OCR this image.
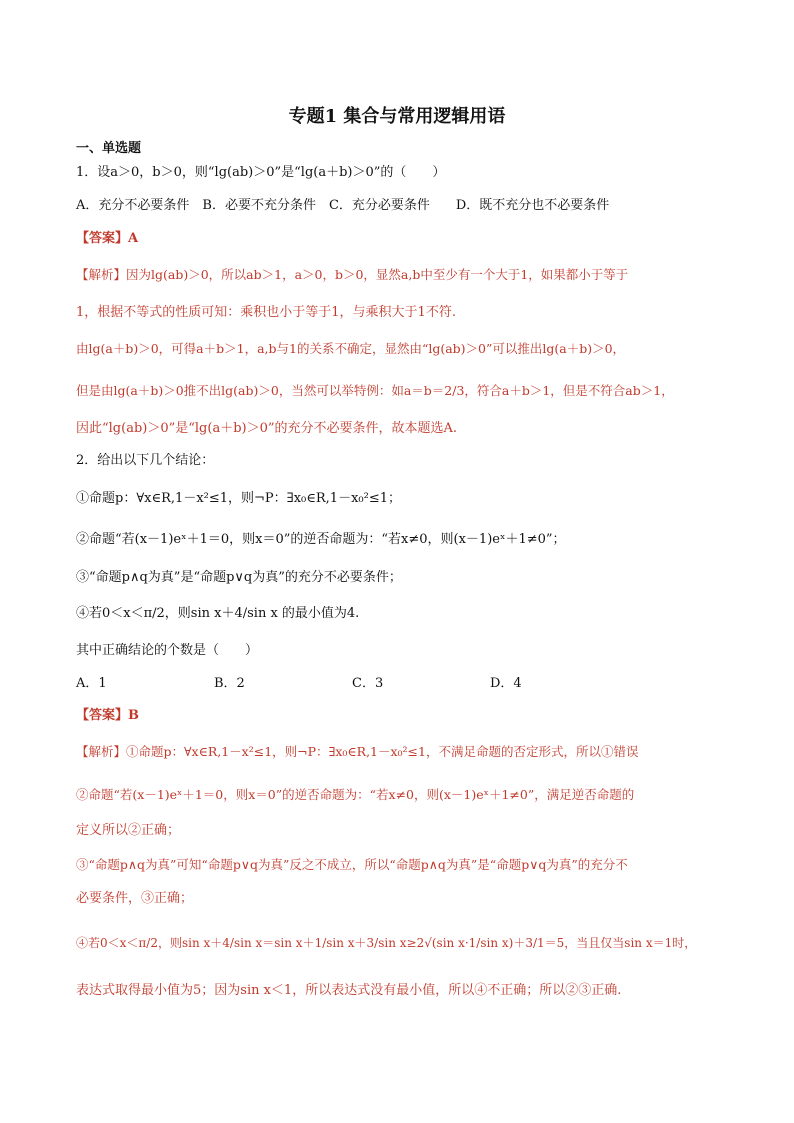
专题1 集合与常用逻辑用语
一、单选题
1．设a＞0，b＞0，则“lg(ab)＞0”是“lg(a＋b)＞0”的（　　）
A．充分不必要条件　B．必要不充分条件　C．充分必要条件　　D．既不充分也不必要条件
【答案】A
【解析】因为lg(ab)＞0，所以ab＞1，a＞0，b＞0，显然a,b中至少有一个大于1，如果都小于等于
1，根据不等式的性质可知：乘积也小于等于1，与乘积大于1不符.
由lg(a＋b)＞0，可得a＋b＞1，a,b与1的关系不确定，显然由“lg(ab)＞0”可以推出lg(a＋b)＞0，
但是由lg(a＋b)＞0推不出lg(ab)＞0，当然可以举特例：如a＝b＝2/3，符合a＋b＞1，但是不符合ab＞1，
因此“lg(ab)＞0”是“lg(a＋b)＞0”的充分不必要条件，故本题选A.
2．给出以下几个结论：
①命题p：∀x∈R,1－x²≤1，则¬P：∃x₀∈R,1－x₀²≤1；
②命题“若(x－1)eˣ＋1＝0，则x＝0”的逆否命题为：“若x≠0，则(x－1)eˣ＋1≠0”；
③“命题p∧q为真”是“命题p∨q为真”的充分不必要条件；
④若0＜x＜π/2，则sin x＋4/sin x 的最小值为4.
其中正确结论的个数是（　　）
A．1	B．2	C．3	D．4
【答案】B
【解析】①命题p：∀x∈R,1－x²≤1，则¬P：∃x₀∈R,1－x₀²≤1，不满足命题的否定形式，所以①错误
②命题“若(x－1)eˣ＋1＝0，则x＝0”的逆否命题为：“若x≠0，则(x－1)eˣ＋1≠0”，满足逆否命题的
定义所以②正确；
③“命题p∧q为真”可知“命题p∨q为真”反之不成立，所以“命题p∧q为真”是“命题p∨q为真”的充分不
必要条件，③正确；
④若0＜x＜π/2，则sin x＋4/sin x＝sin x＋1/sin x＋3/sin x≥2√(sin x·1/sin x)＋3/1＝5，当且仅当sin x＝1时，
表达式取得最小值为5；因为sin x＜1，所以表达式没有最小值，所以④不正确；所以②③正确.
